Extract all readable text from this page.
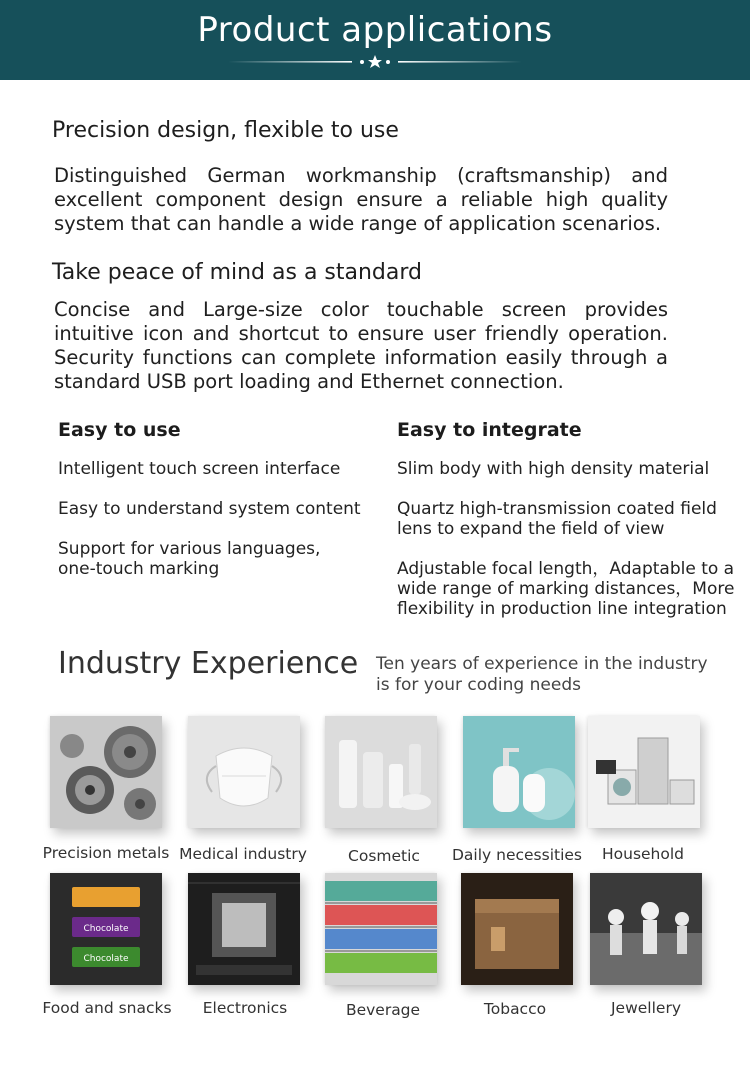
Product applications
Precision design, flexible to use
Distinguished German workmanship (craftsmanship) and excellent component design ensure a reliable high quality system that can handle a wide range of application scenarios.
Take peace of mind as a standard
Concise and Large-size color touchable screen provides intuitive icon and shortcut to ensure user friendly operation. Security functions can complete information easily through a standard USB port loading and Ethernet connection.
Easy to use
Intelligent touch screen interface
Easy to understand system content
Support for various languages, one-touch marking
Easy to integrate
Slim body with high density material
Quartz high-transmission coated field lens to expand the field of view
Adjustable focal length，Adaptable to a wide range of marking distances，More flexibility in production line integration
Industry Experience Ten years of experience in the industry is for your coding needs
Precision metals Medical industry	Cosmetic	Daily necessities	Household
Chocolate
Chocolate
Food and snacks	Electronics	Beverage	Tobacco	Jewellery
